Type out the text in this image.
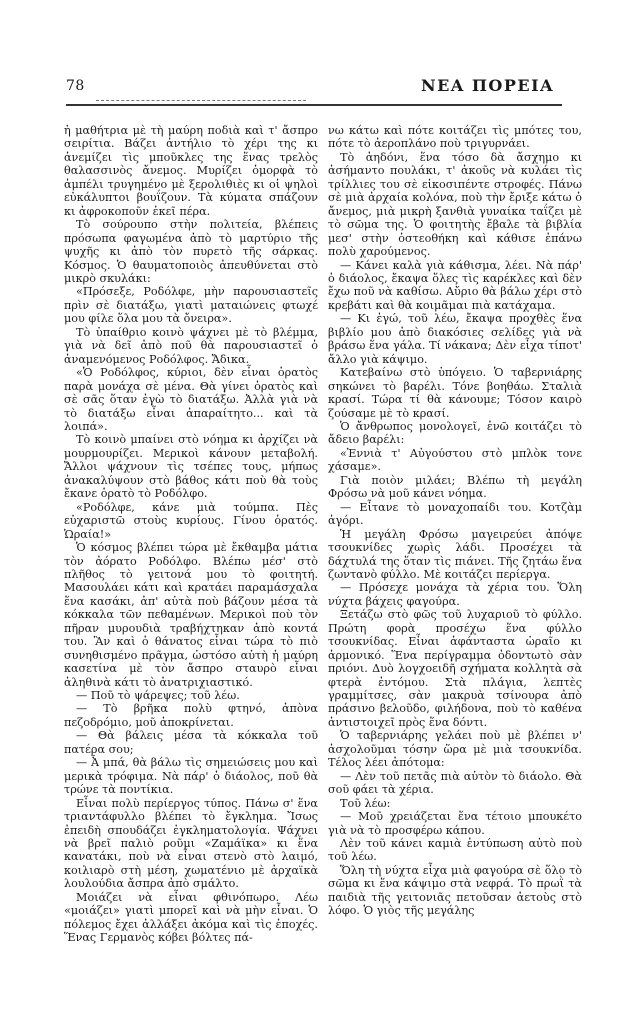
78	ΝΕΑ ΠΟΡΕΙΑ

ἡ μαθήτρια μὲ τὴ μαύρη ποδιὰ καὶ τ' ἄσπρο σειρίτια. Βάζει ἀντήλιο τὸ χέρι της κι ἀνεμίζει τὶς μποῦκλες της ἕνας τρελὸς θαλασσινὸς ἄνεμος. Μυρίζει ὁμορφὰ τὸ ἀμπέλι τρυγημένο μὲ ξερολιθιὲς κι οἱ ψηλοὶ εὐκάλυπτοι βουΐζουν. Τὰ κύματα σπάζουν κι ἀφροκοποῦν ἐκεῖ πέρα.

Τὸ σούρουπο στὴν πολιτεία, βλέπεις πρόσωπα φαγωμένα ἀπὸ τὸ μαρτύριο τῆς ψυχῆς κι ἀπὸ τὸν πυρετὸ τῆς σάρκας. Κόσμος. Ὁ θαυματοποιὸς ἀπευθύνεται στὸ μικρὸ σκυλάκι:

«Πρόσεξε, Ροδόλφε, μὴν παρουσιαστεῖς πρὶν σὲ διατάξω, γιατὶ ματαιώνεις φτωχέ μου φίλε ὅλα μου τὰ ὄνειρα».

Τὸ ὑπαίθριο κοινὸ ψάχνει μὲ τὸ βλέμμα, γιὰ νὰ δεῖ ἀπὸ ποῦ θὰ παρουσιαστεῖ ὁ ἀναμενόμενος Ροδόλφος. Ἄδικα.

«Ὁ Ροδόλφος, κύριοι, δὲν εἶναι ὁρατὸς παρὰ μονάχα σὲ μένα. Θὰ γίνει ὁρατὸς καὶ σὲ σᾶς ὅταν ἐγὼ τὸ διατάξω. Ἀλλὰ γιὰ νὰ τὸ διατάξω εἶναι ἀπαραίτητο... καὶ τὰ λοιπά».

Τὸ κοινὸ μπαίνει στὸ νόημα κι ἀρχίζει νὰ μουρμουρίζει. Μερικοὶ κάνουν μεταβολή. Ἄλλοι ψάχνουν τὶς τσέπες τους, μήπως ἀνακαλύψουν στὸ βάθος κάτι ποὺ θὰ τοὺς ἔκανε ὁρατὸ τὸ Ροδόλφο.

«Ροδόλφε, κάνε μιὰ τούμπα. Πὲς εὐχαριστῶ στοὺς κυρίους. Γίνου ὁρατός. Ὡραία!»

Ὁ κόσμος βλέπει τώρα μὲ ἔκθαμβα μάτια τὸν ἀόρατο Ροδόλφο. Βλέπω μέσ' στὸ πλῆθος τὸ γειτονά μου τὸ φοιτητή. Μασουλάει κάτι καὶ κρατάει παραμάσχαλα ἕνα κασάκι, ἀπ' αὐτὰ ποὺ βάζουν μέσα τὰ κόκκαλα τῶν πεθαμένων. Μερικοὶ ποὺ τὸν πῆραν μυρουδιὰ τραβήχτηκαν ἀπὸ κοντά του. Ἂν καὶ ὁ θάνατος εἶναι τώρα τὸ πιὸ συνηθισμένο πρᾶγμα, ὡστόσο αὐτὴ ἡ μαύρη κασετίνα μὲ τὸν ἄσπρο σταυρὸ εἶναι ἀληθινὰ κάτι τὸ ἀνατριχιαστικό.

— Ποῦ τὸ ψάρεψες; τοῦ λέω.

— Τὸ βρῆκα πολὺ φτηνό, ἀπὸνα πεζοδρόμιο, μοῦ ἀποκρίνεται.

— Θὰ βάλεις μέσα τὰ κόκκαλα τοῦ πατέρα σου;

— Ἆ μπά, θὰ βάλω τὶς σημειώσεις μου καὶ μερικὰ τρόφιμα. Νὰ πάρ' ὁ διάολος, ποῦ θὰ τρώνε τὰ ποντίκια.

Εἶναι πολὺ περίεργος τύπος. Πάνω σ' ἕνα τριαντάφυλλο βλέπει τὸ ἔγκλημα. Ἴσως ἐπειδὴ σπουδάζει ἐγκληματολογία. Ψάχνει νὰ βρεῖ παλιὸ ροῦμι «Ζαμάϊκα» κι ἕνα κανατάκι, ποὺ νὰ εἶναι στενὸ στὸ λαιμό, κοιλιαρὸ στὴ μέση, χωματένιο μὲ ἀρχαϊκὰ λουλούδια ἄσπρα ἀπὸ σμάλτο.

Μοιάζει νὰ εἶναι φθινόπωρο. Λέω «μοιάζει» γιατὶ μπορεῖ καὶ νὰ μὴν εἶναι. Ὁ πόλεμος ἔχει ἀλλάξει ἀκόμα καὶ τὶς ἐποχές. Ἕνας Γερμανὸς κόβει βόλτες πά-

νω κάτω καὶ πότε κοιτάζει τὶς μπότες του, πότε τὸ ἀεροπλάνο ποὺ τριγυρνάει.

Τὸ ἀηδόνι, ἕνα τόσο δὰ ἄσχημο κι ἀσήμαντο πουλάκι, τ' ἀκοῦς νὰ κυλάει τὶς τρίλλιες του σὲ εἰκοσιπέντε στροφές. Πάνω σὲ μιὰ ἀρχαία κολόνα, ποὺ τὴν ἔριξε κάτω ὁ ἄνεμος, μιὰ μικρὴ ξανθιὰ γυναίκα ταΐζει μὲ τὸ σῶμα της. Ὁ φοιτητὴς ἔβαλε τὰ βιβλία μεσ' στὴν ὀστεοθήκη καὶ κάθισε ἐπάνω πολὺ χαρούμενος.

— Κάνει καλὰ γιὰ κάθισμα, λέει. Νὰ πάρ' ὁ διάολος, ἔκαψα ὅλες τὶς καρέκλες καὶ δὲν ἔχω ποῦ νὰ καθίσω. Αὔριο θὰ βάλω χέρι στὸ κρεβάτι καὶ θὰ κοιμᾶμαι πιὰ κατάχαμα.

— Κι ἐγώ, τοῦ λέω, ἔκαψα προχθὲς ἕνα βιβλίο μου ἀπὸ διακόσιες σελίδες γιὰ νὰ βράσω ἕνα γάλα. Τί νάκανα; Δὲν εἶχα τίποτ' ἄλλο γιὰ κάψιμο.

Κατεβαίνω στὸ ὑπόγειο. Ὁ ταβερνιάρης σηκώνει τὸ βαρέλι. Τόνε βοηθάω. Σταλιὰ κρασί. Τώρα τί θὰ κάνουμε; Τόσον καιρὸ ζούσαμε μὲ τὸ κρασί.

Ὁ ἄνθρωπος μονολογεῖ, ἐνῶ κοιτάζει τὸ ἄδειο βαρέλι:

«Ἐννιὰ τ' Αὐγούστου στὸ μπλὸκ τονε χάσαμε».

Γιὰ ποιὸν μιλάει; Βλέπω τὴ μεγάλη Φρόσω νὰ μοῦ κάνει νόημα.

— Εἶτανε τὸ μοναχοπαίδι του. Κοτζὰμ ἀγόρι.

Ἡ μεγάλη Φρόσω μαγειρεύει ἀπόψε τσουκνίδες χωρὶς λάδι. Προσέχει τὰ δάχτυλά της ὅταν τὶς πιάνει. Τῆς ζητάω ἕνα ζωντανὸ φύλλο. Μὲ κοιτάζει περίεργα.

— Πρόσεχε μονάχα τὰ χέρια του. Ὅλη νύχτα βάχεις φαγούρα.

Ξετάζω στὸ φῶς τοῦ λυχαριοῦ τὸ φύλλο. Πρώτη φορὰ προσέχω ἕνα φύλλο τσουκνίδας. Εἶναι ἀφάνταστα ὡραῖο κι ἁρμονικό. Ἕνα περίγραμμα ὀδοντωτὸ σὰν πριόνι. Δυὸ λογχοειδῆ σχήματα κολλητὰ σὰ φτερὰ ἐντόμου. Στὰ πλάγια, λεπτὲς γραμμίτσες, σὰν μακρυὰ τσίνουρα ἀπὸ πράσινο βελοῦδο, φιλήδονα, ποὺ τὸ καθένα ἀντιστοιχεῖ πρὸς ἕνα δόντι.

Ὁ ταβερνιάρης γελάει ποὺ μὲ βλέπει ν' ἀσχολοῦμαι τόσην ὥρα μὲ μιὰ τσουκνίδα. Τέλος λέει ἀπότομα:

— Λὲν τοῦ πετᾶς πιὰ αὐτὸν τὸ διάολο. Θὰ σοῦ φάει τὰ χέρια.

Τοῦ λέω:

— Μοῦ χρειάζεται ἕνα τέτοιο μπουκέτο γιὰ νὰ τὸ προσφέρω κάπου.

Λὲν τοῦ κάνει καμιὰ ἐντύπωση αὐτὸ ποὺ τοῦ λέω.

Ὅλη τὴ νύχτα εἶχα μιὰ φαγούρα σὲ ὅλο τὸ σῶμα κι ἕνα κάψιμο στὰ νεφρά. Τὸ πρωῒ τὰ παιδιὰ τῆς γειτονιᾶς πετοῦσαν ἀετοὺς στὸ λόφο. Ὁ γιὸς τῆς μεγάλης
